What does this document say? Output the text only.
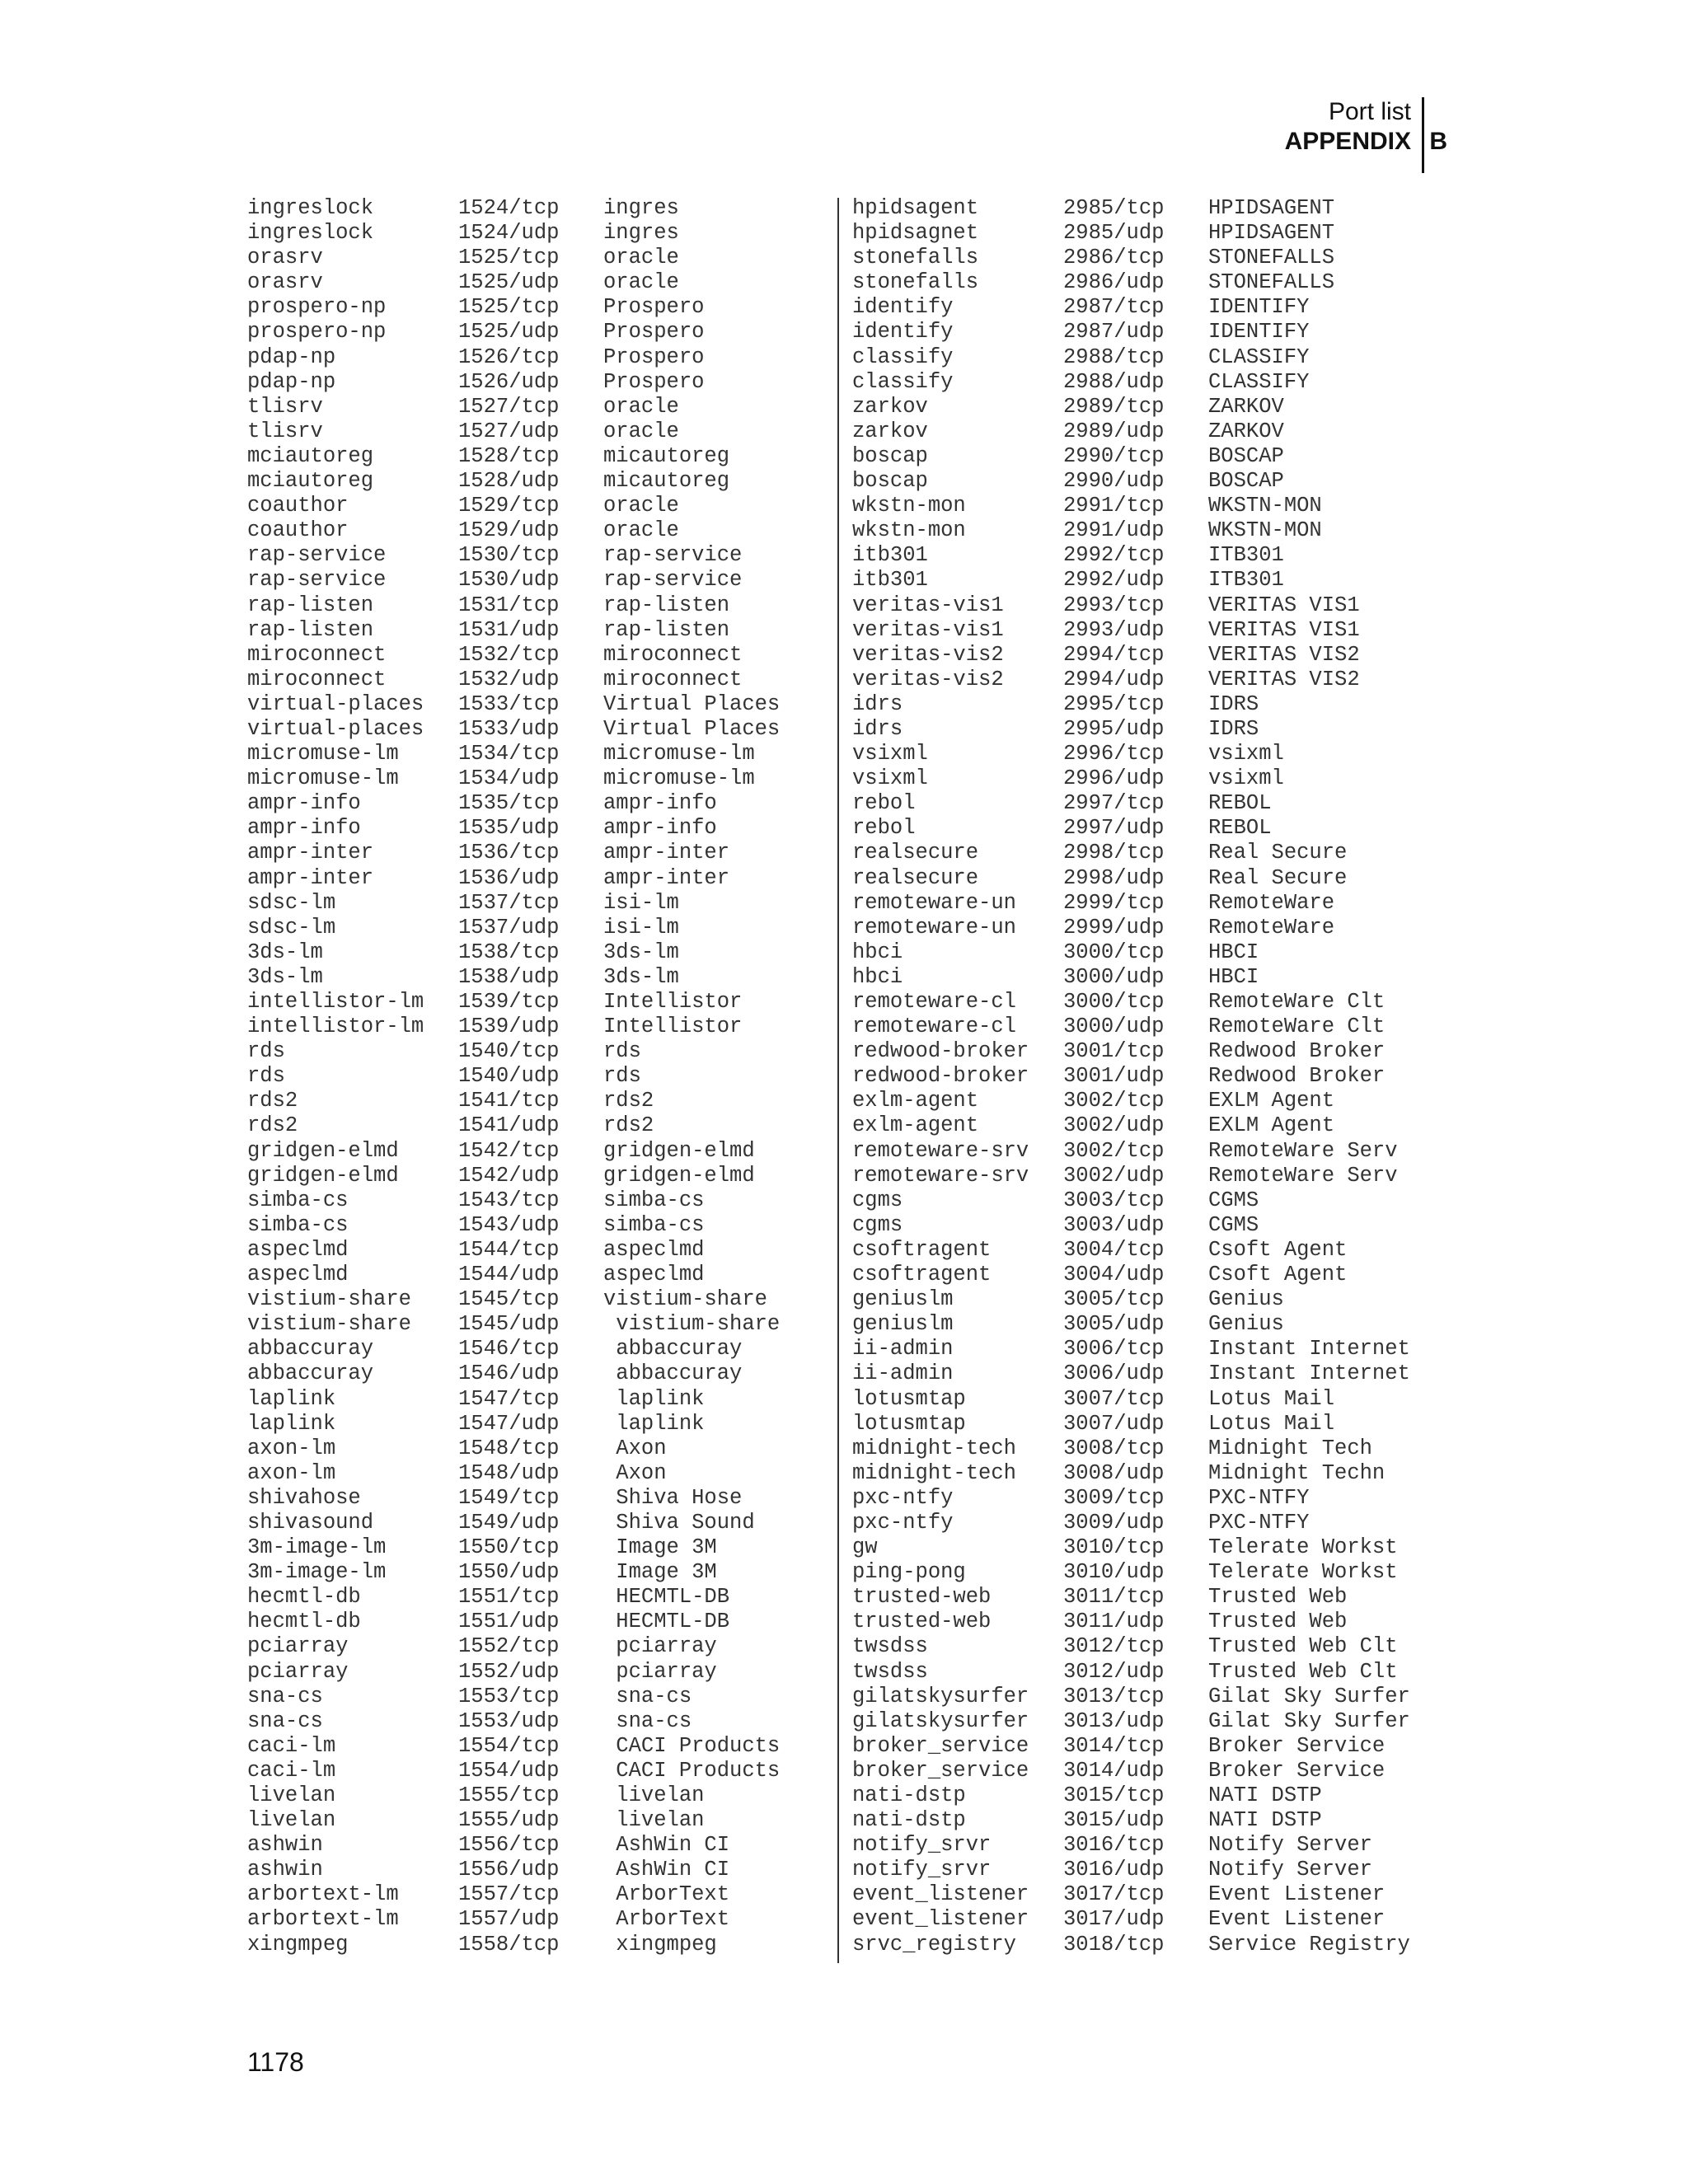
Port list
APPENDIX B
ingreslock	1524/tcp	ingres
ingreslock	1524/udp	ingres
orasrv	1525/tcp	oracle
orasrv	1525/udp	oracle
prospero-np	1525/tcp	Prospero
prospero-np	1525/udp	Prospero
pdap-np	1526/tcp	Prospero
pdap-np	1526/udp	Prospero
tlisrv	1527/tcp	oracle
tlisrv	1527/udp	oracle
mciautoreg	1528/tcp	micautoreg
mciautoreg	1528/udp	micautoreg
coauthor	1529/tcp	oracle
coauthor	1529/udp	oracle
rap-service	1530/tcp	rap-service
rap-service	1530/udp	rap-service
rap-listen	1531/tcp	rap-listen
rap-listen	1531/udp	rap-listen
miroconnect	1532/tcp	miroconnect
miroconnect	1532/udp	miroconnect
virtual-places	1533/tcp	Virtual Places
virtual-places	1533/udp	Virtual Places
micromuse-lm	1534/tcp	micromuse-lm
micromuse-lm	1534/udp	micromuse-lm
ampr-info	1535/tcp	ampr-info
ampr-info	1535/udp	ampr-info
ampr-inter	1536/tcp	ampr-inter
ampr-inter	1536/udp	ampr-inter
sdsc-lm	1537/tcp	isi-lm
sdsc-lm	1537/udp	isi-lm
3ds-lm	1538/tcp	3ds-lm
3ds-lm	1538/udp	3ds-lm
intellistor-lm	1539/tcp	Intellistor
intellistor-lm	1539/udp	Intellistor
rds	1540/tcp	rds
rds	1540/udp	rds
rds2	1541/tcp	rds2
rds2	1541/udp	rds2
gridgen-elmd	1542/tcp	gridgen-elmd
gridgen-elmd	1542/udp	gridgen-elmd
simba-cs	1543/tcp	simba-cs
simba-cs	1543/udp	simba-cs
aspeclmd	1544/tcp	aspeclmd
aspeclmd	1544/udp	aspeclmd
vistium-share	1545/tcp	vistium-share
vistium-share	1545/udp	vistium-share
abbaccuray	1546/tcp	abbaccuray
abbaccuray	1546/udp	abbaccuray
laplink	1547/tcp	laplink
laplink	1547/udp	laplink
axon-lm	1548/tcp	Axon
axon-lm	1548/udp	Axon
shivahose	1549/tcp	Shiva Hose
shivasound	1549/udp	Shiva Sound
3m-image-lm	1550/tcp	Image 3M
3m-image-lm	1550/udp	Image 3M
hecmtl-db	1551/tcp	HECMTL-DB
hecmtl-db	1551/udp	HECMTL-DB
pciarray	1552/tcp	pciarray
pciarray	1552/udp	pciarray
sna-cs	1553/tcp	sna-cs
sna-cs	1553/udp	sna-cs
caci-lm	1554/tcp	CACI Products
caci-lm	1554/udp	CACI Products
livelan	1555/tcp	livelan
livelan	1555/udp	livelan
ashwin	1556/tcp	AshWin CI
ashwin	1556/udp	AshWin CI
arbortext-lm	1557/tcp	ArborText
arbortext-lm	1557/udp	ArborText
xingmpeg	1558/tcp	xingmpeg
hpidsagent	2985/tcp	HPIDSAGENT
hpidsagnet	2985/udp	HPIDSAGENT
stonefalls	2986/tcp	STONEFALLS
stonefalls	2986/udp	STONEFALLS
identify	2987/tcp	IDENTIFY
identify	2987/udp	IDENTIFY
classify	2988/tcp	CLASSIFY
classify	2988/udp	CLASSIFY
zarkov	2989/tcp	ZARKOV
zarkov	2989/udp	ZARKOV
boscap	2990/tcp	BOSCAP
boscap	2990/udp	BOSCAP
wkstn-mon	2991/tcp	WKSTN-MON
wkstn-mon	2991/udp	WKSTN-MON
itb301	2992/tcp	ITB301
itb301	2992/udp	ITB301
veritas-vis1	2993/tcp	VERITAS VIS1
veritas-vis1	2993/udp	VERITAS VIS1
veritas-vis2	2994/tcp	VERITAS VIS2
veritas-vis2	2994/udp	VERITAS VIS2
idrs	2995/tcp	IDRS
idrs	2995/udp	IDRS
vsixml	2996/tcp	vsixml
vsixml	2996/udp	vsixml
rebol	2997/tcp	REBOL
rebol	2997/udp	REBOL
realsecure	2998/tcp	Real Secure
realsecure	2998/udp	Real Secure
remoteware-un	2999/tcp	RemoteWare
remoteware-un	2999/udp	RemoteWare
hbci	3000/tcp	HBCI
hbci	3000/udp	HBCI
remoteware-cl	3000/tcp	RemoteWare Clt
remoteware-cl	3000/udp	RemoteWare Clt
redwood-broker	3001/tcp	Redwood Broker
redwood-broker	3001/udp	Redwood Broker
exlm-agent	3002/tcp	EXLM Agent
exlm-agent	3002/udp	EXLM Agent
remoteware-srv	3002/tcp	RemoteWare Serv
remoteware-srv	3002/udp	RemoteWare Serv
cgms	3003/tcp	CGMS
cgms	3003/udp	CGMS
csoftragent	3004/tcp	Csoft Agent
csoftragent	3004/udp	Csoft Agent
geniuslm	3005/tcp	Genius
geniuslm	3005/udp	Genius
ii-admin	3006/tcp	Instant Internet
ii-admin	3006/udp	Instant Internet
lotusmtap	3007/tcp	Lotus Mail
lotusmtap	3007/udp	Lotus Mail
midnight-tech	3008/tcp	Midnight Tech
midnight-tech	3008/udp	Midnight Techn
pxc-ntfy	3009/tcp	PXC-NTFY
pxc-ntfy	3009/udp	PXC-NTFY
gw	3010/tcp	Telerate Workst
ping-pong	3010/udp	Telerate Workst
trusted-web	3011/tcp	Trusted Web
trusted-web	3011/udp	Trusted Web
twsdss	3012/tcp	Trusted Web Clt
twsdss	3012/udp	Trusted Web Clt
gilatskysurfer	3013/tcp	Gilat Sky Surfer
gilatskysurfer	3013/udp	Gilat Sky Surfer
broker_service	3014/tcp	Broker Service
broker_service	3014/udp	Broker Service
nati-dstp	3015/tcp	NATI DSTP
nati-dstp	3015/udp	NATI DSTP
notify_srvr	3016/tcp	Notify Server
notify_srvr	3016/udp	Notify Server
event_listener	3017/tcp	Event Listener
event_listener	3017/udp	Event Listener
srvc_registry	3018/tcp	Service Registry
1178
